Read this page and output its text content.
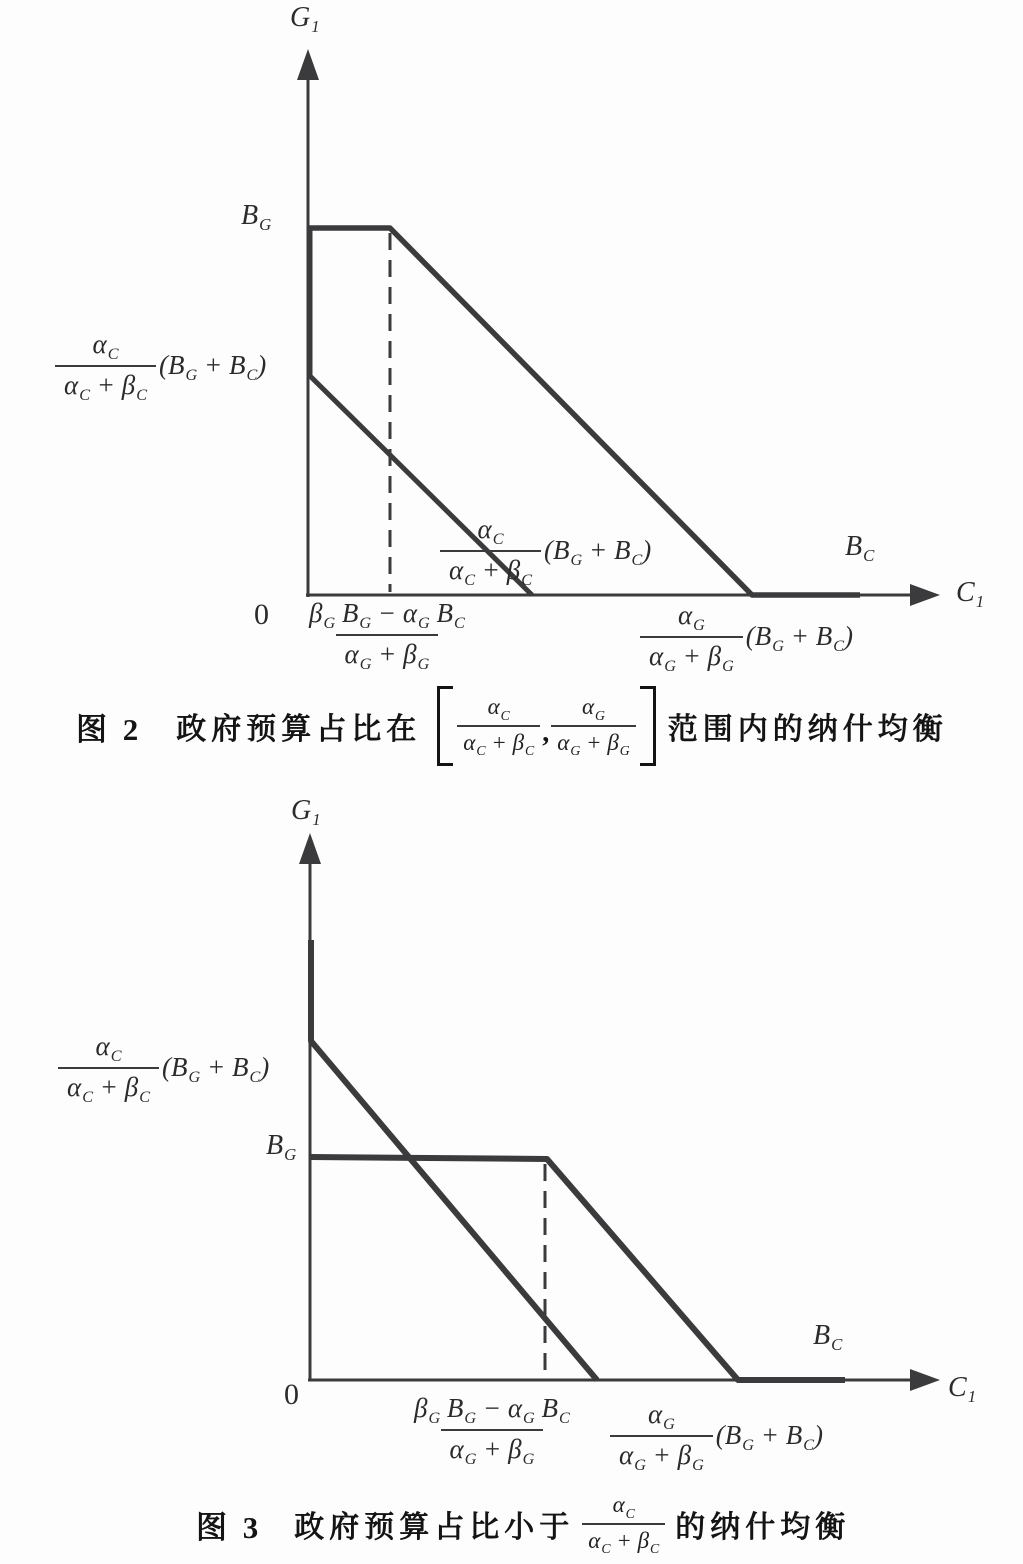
$G_1$
$B_G$
$\frac{\alpha_C}{\alpha_C + \beta_C} (B_G + B_C)$
$\frac{\alpha_C}{\alpha_C + \beta_C} (B_G + B_C)$
$0 \frac{\beta_G B_G - \alpha_G B_C}{\alpha_G + \beta_G}$	$\frac{\alpha_G}{\alpha_G + \beta_G} (B_G + B_C)$
$B_C$
$C_1$
图 2 政府预算占比在 $\frac{\alpha_C}{\alpha_C + \beta_C}$ , $\frac{\alpha_G}{\alpha_G + \beta_G}$ 范围内的纳什均衡
$G_1$
$\frac{\alpha_C}{\alpha_C + \beta_C} (B_G + B_C)$
$B_G$
0	$\frac{\beta_G B_G - \alpha_G B_C}{\alpha_G + \beta_G} \frac{\alpha_G}{\alpha_G + \beta_G} (B_G + B_C)$
$B_C$
$C_1$
图 3 政府预算占比小于 $\frac{\alpha_C}{\alpha_C + \beta_C}$ 的纳什均衡
